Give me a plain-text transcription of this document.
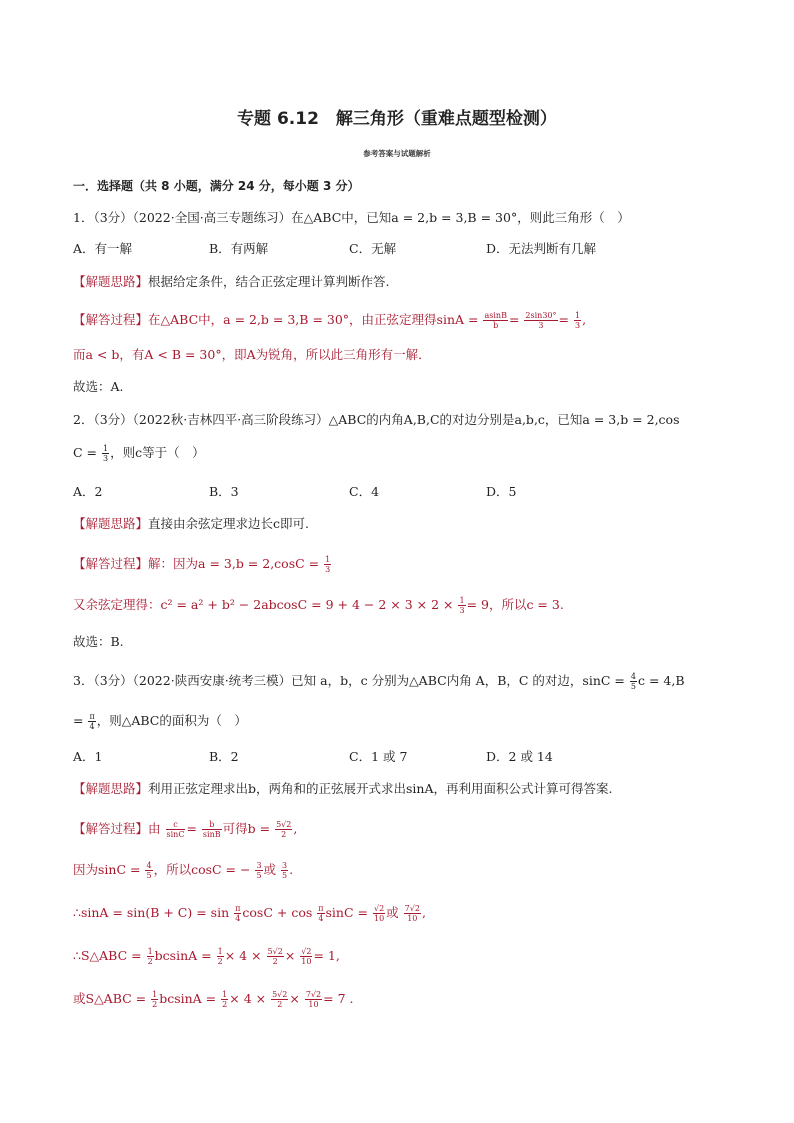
专题 6.12　解三角形（重难点题型检测）
参考答案与试题解析
一．选择题（共 8 小题，满分 24 分，每小题 3 分）
1．（3分）（2022·全国·高三专题练习）在△ABC中，已知a = 2,b = 3,B = 30°，则此三角形（　）
A．有一解	B．有两解	C．无解	D．无法判断有几解
【解题思路】根据给定条件，结合正弦定理计算判断作答.
【解答过程】在△ABC中，a = 2,b = 3,B = 30°，由正弦定理得$\sin A = \frac{asinB}{b} = \frac{2\sin 30^\circ}{3} = \frac{1}{3}$ ,
而a < b，有A < B = 30°，即A为锐角，所以此三角形有一解．
故选：A.
2．（3分）（2022秋·吉林四平·高三阶段练习）△ABC的内角A,B,C的对边分别是a,b,c，已知a = 3,b = 2,cos
$C = \frac{1}{3}$ ，则c等于（　）
A．2	B．3	C．4	D．5
【解题思路】直接由余弦定理求边长c即可.
【解答过程】解：因为$a = 3,b = 2,\cos C = \frac{1}{3}$
又余弦定理得：$c^2 = a^2 + b^2 - 2abcosC = 9 + 4 - 2 \times 3 \times 2 \times \frac{1}{3} = 9$，所以c = 3.
故选：B.
3．（3分）（2022·陕西安康·统考三模）已知 a，b，c 分别为△ABC内角 A，B，C 的对边，$\sin C = \frac{4}{5}$ c = 4,B
= $\frac{\pi}{4}$ ，则△ABC的面积为（　）
A．1	B．2	C．1 或 7	D．2 或 14
【解题思路】利用正弦定理求出b，两角和的正弦展开式求出sinA，再利用面积公式计算可得答案.
【解答过程】由 $\frac{c}{\sin C} = \frac{b}{\sin B}$ 可得$b = \frac{5√2}{2}$ ,
因为$\sin C = \frac{4}{5}$ ，所以cosC = − $\frac{3}{5}$ 或 $\frac{3}{5}$ .
∴sinA = $\sin(B + C) = \sin \frac{\pi}{4}$ $\cos C + \cos \frac{\pi}{4}$ $\sin C = \frac{√2}{10}$ 或 $\frac{7√2}{10}$ ,
∴S△ABC = $\frac{1}{2}$ $bcsinA = \frac{1}{2} \times 4 \times \frac{5√2}{2} \times \frac{√2}{10} = 1$,
或S△ABC = $\frac{1}{2}$ $bcsinA = \frac{1}{2} \times 4 \times \frac{5√2}{2} \times \frac{7√2}{10} = 7$ .
